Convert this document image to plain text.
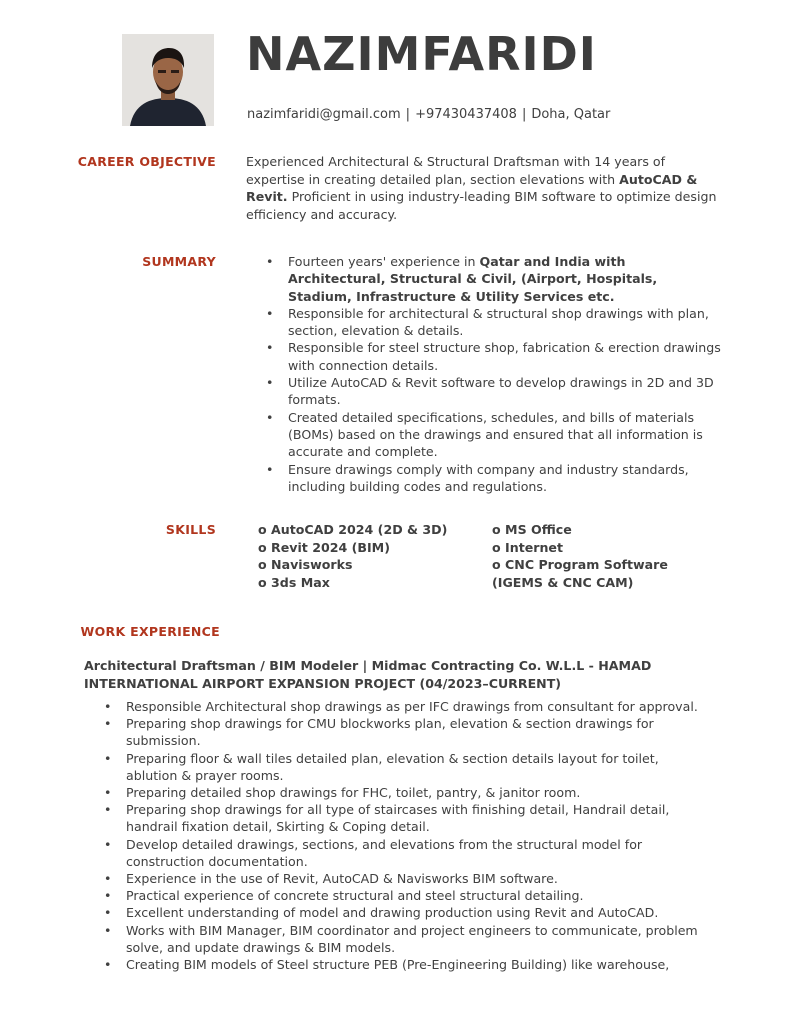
NAZIMFARIDI
nazimfaridi@gmail.com | +97430437408 | Doha, Qatar
CAREER OBJECTIVE Experienced Architectural & Structural Draftsman with 14 years of expertise in creating detailed plan, section elevations with AutoCAD & Revit. Proficient in using industry-leading BIM software to optimize design efficiency and accuracy.
SUMMARY
•	Fourteen years' experience in Qatar and India with Architectural, Structural & Civil, (Airport, Hospitals, Stadium, Infrastructure & Utility Services etc.
• Responsible for architectural & structural shop drawings with plan, section, elevation & details.
• Responsible for steel structure shop, fabrication & erection drawings with connection details.
• Utilize AutoCAD & Revit software to develop drawings in 2D and 3D formats.
• Created detailed specifications, schedules, and bills of materials (BOMs) based on the drawings and ensured that all information is accurate and complete.
• Ensure drawings comply with company and industry standards, including building codes and regulations.
SKILLS	o AutoCAD 2024 (2D & 3D)
o Revit 2024 (BIM)
o Navisworks
o 3ds Max
o MS Office
o Internet
o CNC Program Software (IGEMS & CNC CAM)
WORK EXPERIENCE
Architectural Draftsman / BIM Modeler | Midmac Contracting Co. W.L.L - HAMAD INTERNATIONAL AIRPORT EXPANSION PROJECT (04/2023–CURRENT)
• Responsible Architectural shop drawings as per IFC drawings from consultant for approval.
• Preparing shop drawings for CMU blockworks plan, elevation & section drawings for submission.
• Preparing floor & wall tiles detailed plan, elevation & section details layout for toilet, ablution & prayer rooms.
• Preparing detailed shop drawings for FHC, toilet, pantry, & janitor room.
• Preparing shop drawings for all type of staircases with finishing detail, Handrail detail, handrail fixation detail, Skirting & Coping detail.
• Develop detailed drawings, sections, and elevations from the structural model for construction documentation.
• Experience in the use of Revit, AutoCAD & Navisworks BIM software.
• Practical experience of concrete structural and steel structural detailing.
• Excellent understanding of model and drawing production using Revit and AutoCAD.
• Works with BIM Manager, BIM coordinator and project engineers to communicate, problem solve, and update drawings & BIM models.
• Creating BIM models of Steel structure PEB (Pre-Engineering Building) like warehouse,
